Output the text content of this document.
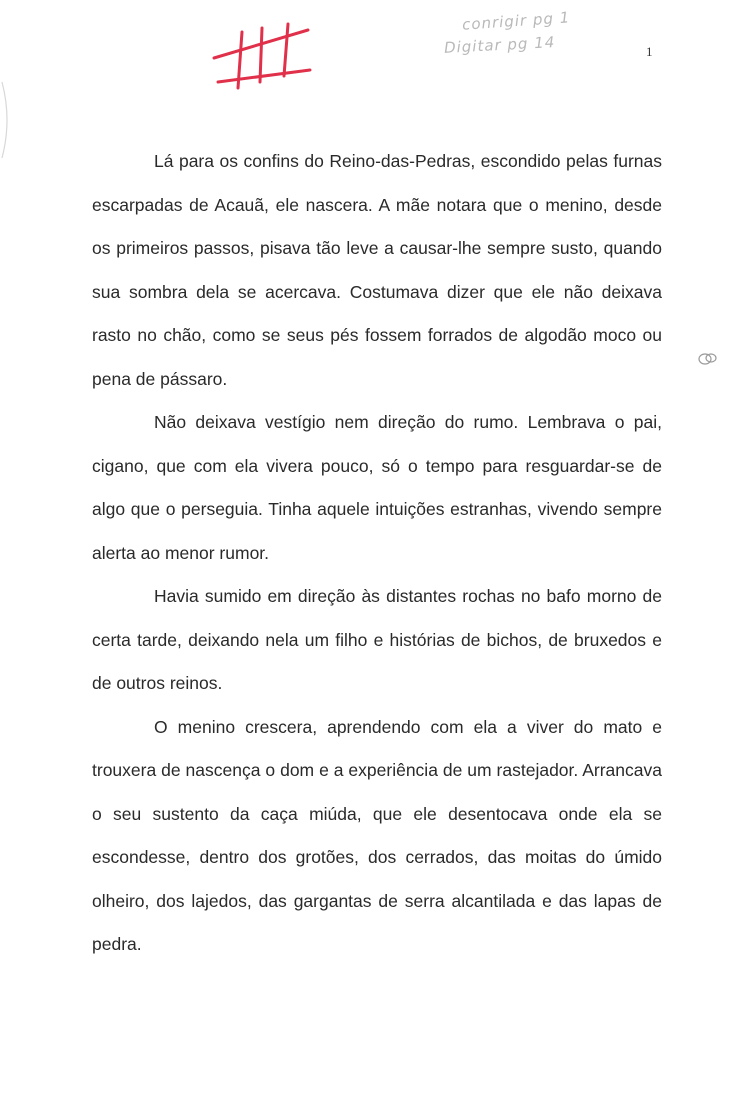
conrigir pg 1
Digitar pg 14	1

Lá para os confins do Reino-das-Pedras, escondido pelas furnas escarpadas de Acauã, ele nascera. A mãe notara que o menino, desde os primeiros passos, pisava tão leve a causar-lhe sempre susto, quando sua sombra dela se acercava. Costumava dizer que ele não deixava rasto no chão, como se seus pés fossem forrados de algodão moco ou pena de pássaro.

Não deixava vestígio nem direção do rumo. Lembrava o pai, cigano, que com ela vivera pouco, só o tempo para resguardar-se de algo que o perseguia. Tinha aquele intuições estranhas, vivendo sempre alerta ao menor rumor.

Havia sumido em direção às distantes rochas no bafo morno de certa tarde, deixando nela um filho e histórias de bichos, de bruxedos e de outros reinos.

O menino crescera, aprendendo com ela a viver do mato e trouxera de nascença o dom e a experiência de um rastejador. Arrancava o seu sustento da caça miúda, que ele desentocava onde ela se escondesse, dentro dos grotões, dos cerrados, das moitas do úmido olheiro, dos lajedos, das gargantas de serra alcantilada e das lapas de pedra.
